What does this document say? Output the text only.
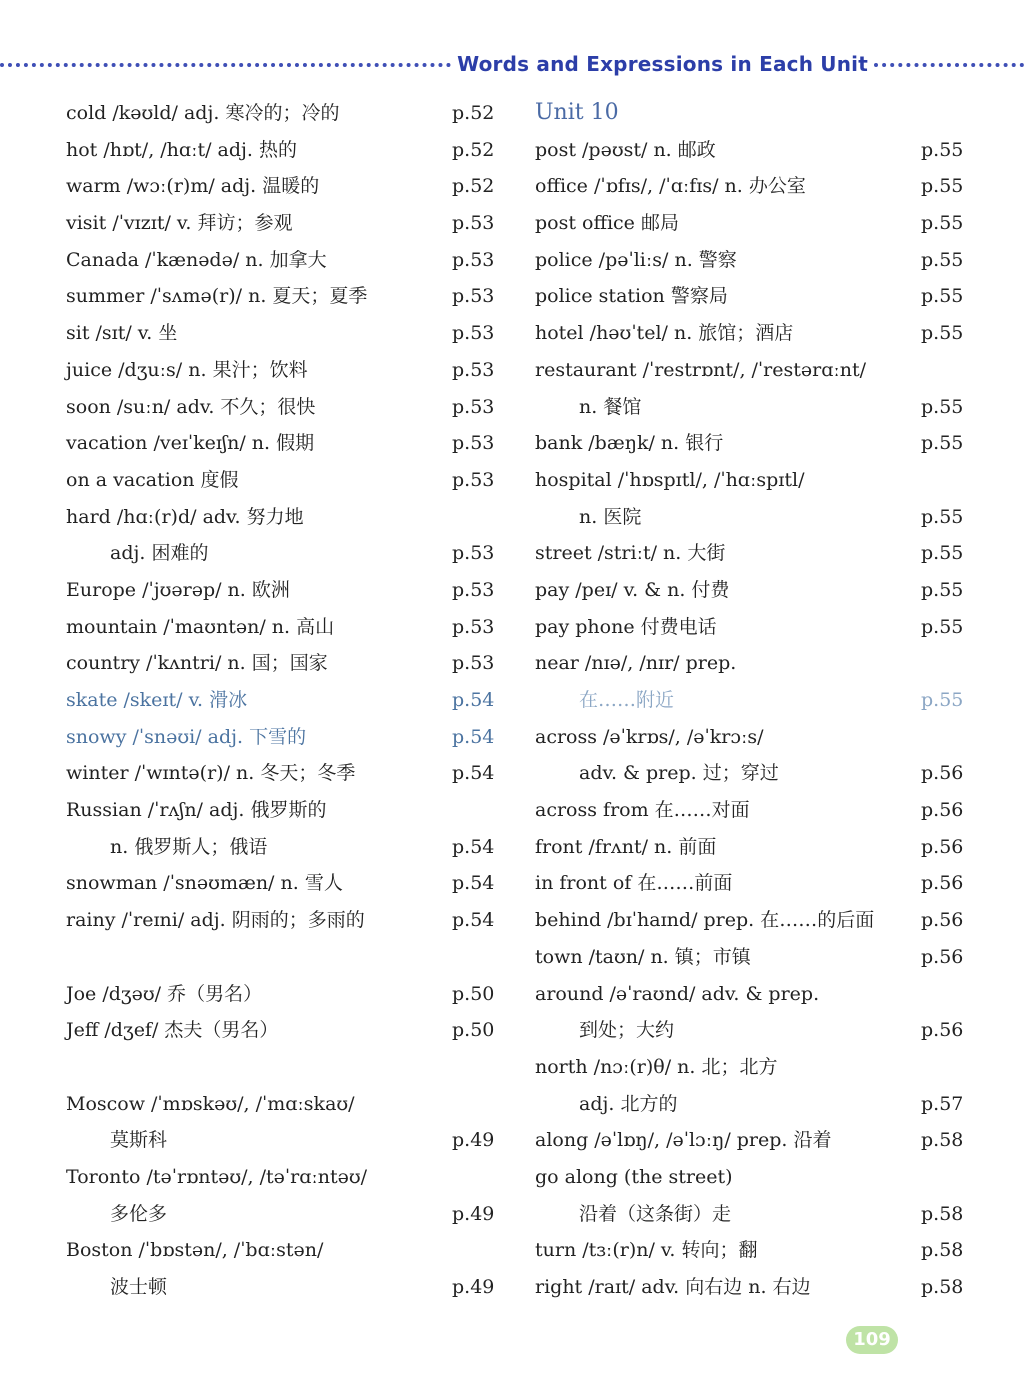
Words and Expressions in Each Unit
cold /kəʊld/ adj. 寒冷的；冷的	p.52
hot /hɒt/, /hɑːt/ adj. 热的	p.52
warm /wɔː(r)m/ adj. 温暖的	p.52
visit /ˈvɪzɪt/ v. 拜访；参观	p.53
Canada /ˈkænədə/ n. 加拿大	p.53
summer /ˈsʌmə(r)/ n. 夏天；夏季	p.53
sit /sɪt/ v. 坐	p.53
juice /dʒuːs/ n. 果汁；饮料	p.53
soon /suːn/ adv. 不久；很快	p.53
vacation /veɪˈkeɪʃn/ n. 假期	p.53
on a vacation 度假	p.53
hard /hɑː(r)d/ adv. 努力地
adj. 困难的	p.53
Europe /ˈjʊərəp/ n. 欧洲	p.53
mountain /ˈmaʊntən/ n. 高山	p.53
country /ˈkʌntri/ n. 国；国家	p.53
skate /skeɪt/ v. 滑冰	p.54
snowy /ˈsnəʊi/ adj. 下雪的	p.54
winter /ˈwɪntə(r)/ n. 冬天；冬季	p.54
Russian /ˈrʌʃn/ adj. 俄罗斯的
n. 俄罗斯人；俄语	p.54
snowman /ˈsnəʊmæn/ n. 雪人	p.54
rainy /ˈreɪni/ adj. 阴雨的；多雨的	p.54
Joe /dʒəʊ/ 乔（男名）	p.50
Jeff /dʒef/ 杰夫（男名）	p.50
Moscow /ˈmɒskəʊ/, /ˈmɑːskaʊ/
莫斯科	p.49
Toronto /təˈrɒntəʊ/, /təˈrɑːntəʊ/
多伦多	p.49
Boston /ˈbɒstən/, /ˈbɑːstən/
波士顿	p.49
Unit 10
post /pəʊst/ n. 邮政	p.55
office /ˈɒfɪs/, /ˈɑːfɪs/ n. 办公室	p.55
post office 邮局	p.55
police /pəˈliːs/ n. 警察	p.55
police station 警察局	p.55
hotel /həʊˈtel/ n. 旅馆；酒店	p.55
restaurant /ˈrestrɒnt/, /ˈrestərɑːnt/
n. 餐馆	p.55
bank /bæŋk/ n. 银行	p.55
hospital /ˈhɒspɪtl/, /ˈhɑːspɪtl/
n. 医院	p.55
street /striːt/ n. 大街	p.55
pay /peɪ/ v. & n. 付费	p.55
pay phone 付费电话	p.55
near /nɪə/, /nɪr/ prep.
在……附近	p.55
across /əˈkrɒs/, /əˈkrɔːs/
adv. & prep. 过；穿过	p.56
across from 在……对面	p.56
front /frʌnt/ n. 前面	p.56
in front of 在……前面	p.56
behind /bɪˈhaɪnd/ prep. 在……的后面 p.56
town /taʊn/ n. 镇；市镇	p.56
around /əˈraʊnd/ adv. & prep.
到处；大约	p.56
north /nɔː(r)θ/ n. 北；北方
adj. 北方的	p.57
along /əˈlɒŋ/, /əˈlɔːŋ/ prep. 沿着	p.58
go along (the street)
沿着（这条街）走	p.58
turn /tɜː(r)n/ v. 转向；翻	p.58
right /raɪt/ adv. 向右边 n. 右边	p.58
109
